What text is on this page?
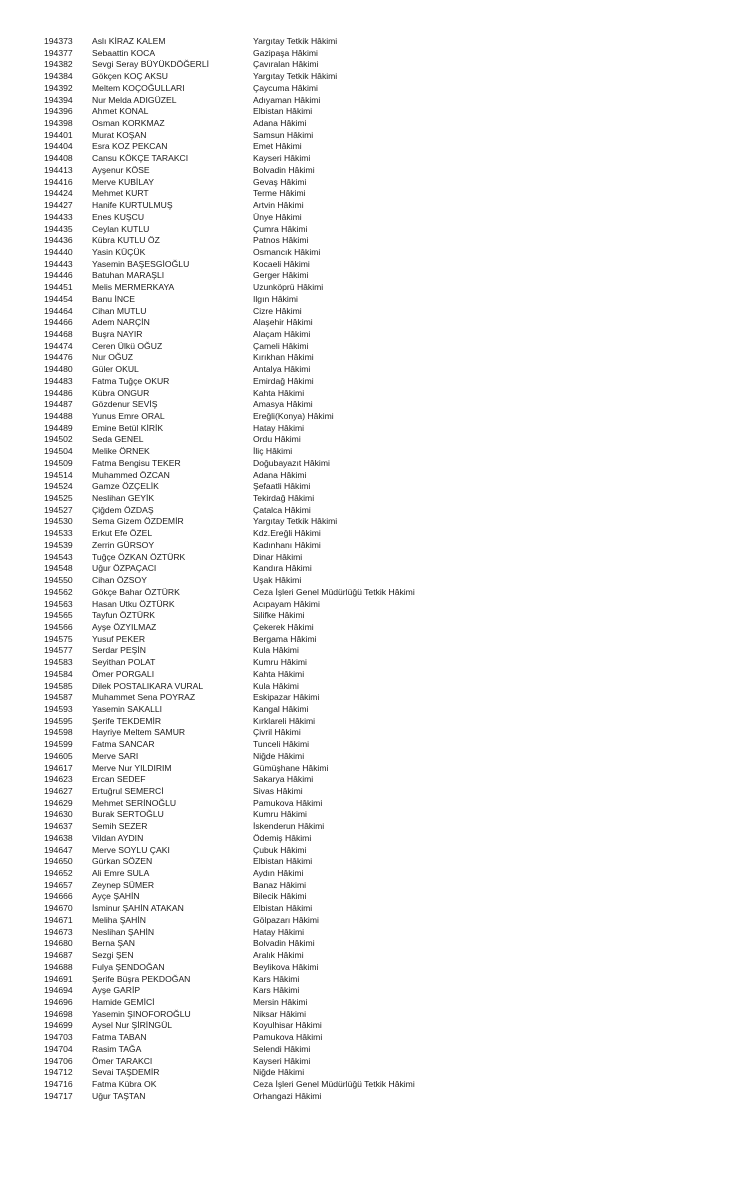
194373	Aslı KİRAZ KALEM	Yargıtay Tetkik Hâkimi
194377	Sebaattin KOCA	Gazipaşa Hâkimi
194382	Sevgi Seray BÜYÜKDÖĞERLİ	Çavıralan Hâkimi
194384	Gökçen KOÇ AKSU	Yargıtay Tetkik Hâkimi
194392	Meltem KOÇOĞULLARI	Çaycuma Hâkimi
194394	Nur Melda ADIGÜZEL	Adıyaman Hâkimi
194396	Ahmet KONAL	Elbistan Hâkimi
194398	Osman KORKMAZ	Adana Hâkimi
194401	Murat KOŞAN	Samsun Hâkimi
194404	Esra KOZ PEKCAN	Emet Hâkimi
194408	Cansu KÖKÇE TARAKCI	Kayseri Hâkimi
194413	Ayşenur KÖSE	Bolvadin Hâkimi
194416	Merve KUBİLAY	Gevaş Hâkimi
194424	Mehmet KURT	Terme Hâkimi
194427	Hanife KURTULMUŞ	Artvin Hâkimi
194433	Enes KUŞCU	Ünye Hâkimi
194435	Ceylan KUTLU	Çumra Hâkimi
194436	Kübra KUTLU ÖZ	Patnos Hâkimi
194440	Yasin KÜÇÜK	Osmancık Hâkimi
194443	Yasemin BAŞESGİOĞLU	Kocaeli Hâkimi
194446	Batuhan MARAŞLI	Gerger Hâkimi
194451	Melis MERMERKAYA	Uzunköprü Hâkimi
194454	Banu İNCE	Ilgın Hâkimi
194464	Cihan MUTLU	Cizre Hâkimi
194466	Adem NARÇİN	Alaşehir Hâkimi
194468	Buşra NAYIR	Alaçam Hâkimi
194474	Ceren Ülkü OĞUZ	Çameli Hâkimi
194476	Nur OĞUZ	Kırıkhan Hâkimi
194480	Güler OKUL	Antalya Hâkimi
194483	Fatma Tuğçe OKUR	Emirdağ Hâkimi
194486	Kübra ONGUR	Kahta Hâkimi
194487	Gözdenur SEVİŞ	Amasya Hâkimi
194488	Yunus Emre ORAL	Ereğli(Konya) Hâkimi
194489	Emine Betül KİRİK	Hatay Hâkimi
194502	Seda GENEL	Ordu Hâkimi
194504	Melike ÖRNEK	İliç Hâkimi
194509	Fatma Bengisu TEKER	Doğubayazıt Hâkimi
194514	Muhammed ÖZCAN	Adana Hâkimi
194524	Gamze ÖZÇELİK	Şefaatli Hâkimi
194525	Neslihan GEYİK	Tekirdağ Hâkimi
194527	Çiğdem ÖZDAŞ	Çatalca Hâkimi
194530	Sema Gizem ÖZDEMİR	Yargıtay Tetkik Hâkimi
194533	Erkut Efe ÖZEL	Kdz.Ereğli Hâkimi
194539	Zerrin GÜRSOY	Kadınhanı Hâkimi
194543	Tuğçe ÖZKAN ÖZTÜRK	Dinar Hâkimi
194548	Uğur ÖZPAÇACI	Kandıra Hâkimi
194550	Cihan ÖZSOY	Uşak Hâkimi
194562	Gökçe Bahar ÖZTÜRK	Ceza İşleri Genel Müdürlüğü Tetkik Hâkimi
194563	Hasan Utku ÖZTÜRK	Acıpayam Hâkimi
194565	Tayfun ÖZTÜRK	Silifke Hâkimi
194566	Ayşe ÖZYILMAZ	Çekerek Hâkimi
194575	Yusuf PEKER	Bergama Hâkimi
194577	Serdar PEŞİN	Kula Hâkimi
194583	Seyithan POLAT	Kumru Hâkimi
194584	Ömer PORGALI	Kahta Hâkimi
194585	Dilek POSTALIKARA VURAL	Kula Hâkimi
194587	Muhammet Sena POYRAZ	Eskipazar Hâkimi
194593	Yasemin SAKALLI	Kangal Hâkimi
194595	Şerife TEKDEMİR	Kırklareli Hâkimi
194598	Hayriye Meltem SAMUR	Çivril Hâkimi
194599	Fatma SANCAR	Tunceli Hâkimi
194605	Merve SARI	Niğde Hâkimi
194617	Merve Nur YILDIRIM	Gümüşhane Hâkimi
194623	Ercan SEDEF	Sakarya Hâkimi
194627	Ertuğrul SEMERCİ	Sivas Hâkimi
194629	Mehmet SERİNOĞLU	Pamukova Hâkimi
194630	Burak SERTOĞLU	Kumru Hâkimi
194637	Semih SEZER	İskenderun Hâkimi
194638	Vildan AYDIN	Ödemiş Hâkimi
194647	Merve SOYLU ÇAKI	Çubuk Hâkimi
194650	Gürkan SÖZEN	Elbistan Hâkimi
194652	Ali Emre SULA	Aydın Hâkimi
194657	Zeynep SÜMER	Banaz Hâkimi
194666	Ayçe ŞAHİN	Bilecik Hâkimi
194670	İsminur ŞAHİN ATAKAN	Elbistan Hâkimi
194671	Meliha ŞAHİN	Gölpazarı Hâkimi
194673	Neslihan ŞAHİN	Hatay Hâkimi
194680	Berna ŞAN	Bolvadin Hâkimi
194687	Sezgi ŞEN	Aralık Hâkimi
194688	Fulya ŞENDOĞAN	Beylikova Hâkimi
194691	Şerife Büşra PEKDOĞAN	Kars Hâkimi
194694	Ayşe GARİP	Kars Hâkimi
194696	Hamide GEMİCİ	Mersin Hâkimi
194698	Yasemin ŞINOFOROĞLU	Niksar Hâkimi
194699	Aysel Nur ŞİRİNGÜL	Koyulhisar Hâkimi
194703	Fatma TABAN	Pamukova Hâkimi
194704	Rasim TAĞA	Selendi Hâkimi
194706	Ömer TARAKCI	Kayseri Hâkimi
194712	Sevai TAŞDEMİR	Niğde Hâkimi
194716	Fatma Kübra OK	Ceza İşleri Genel Müdürlüğü Tetkik Hâkimi
194717	Uğur TAŞTAN	Orhangazi Hâkimi
